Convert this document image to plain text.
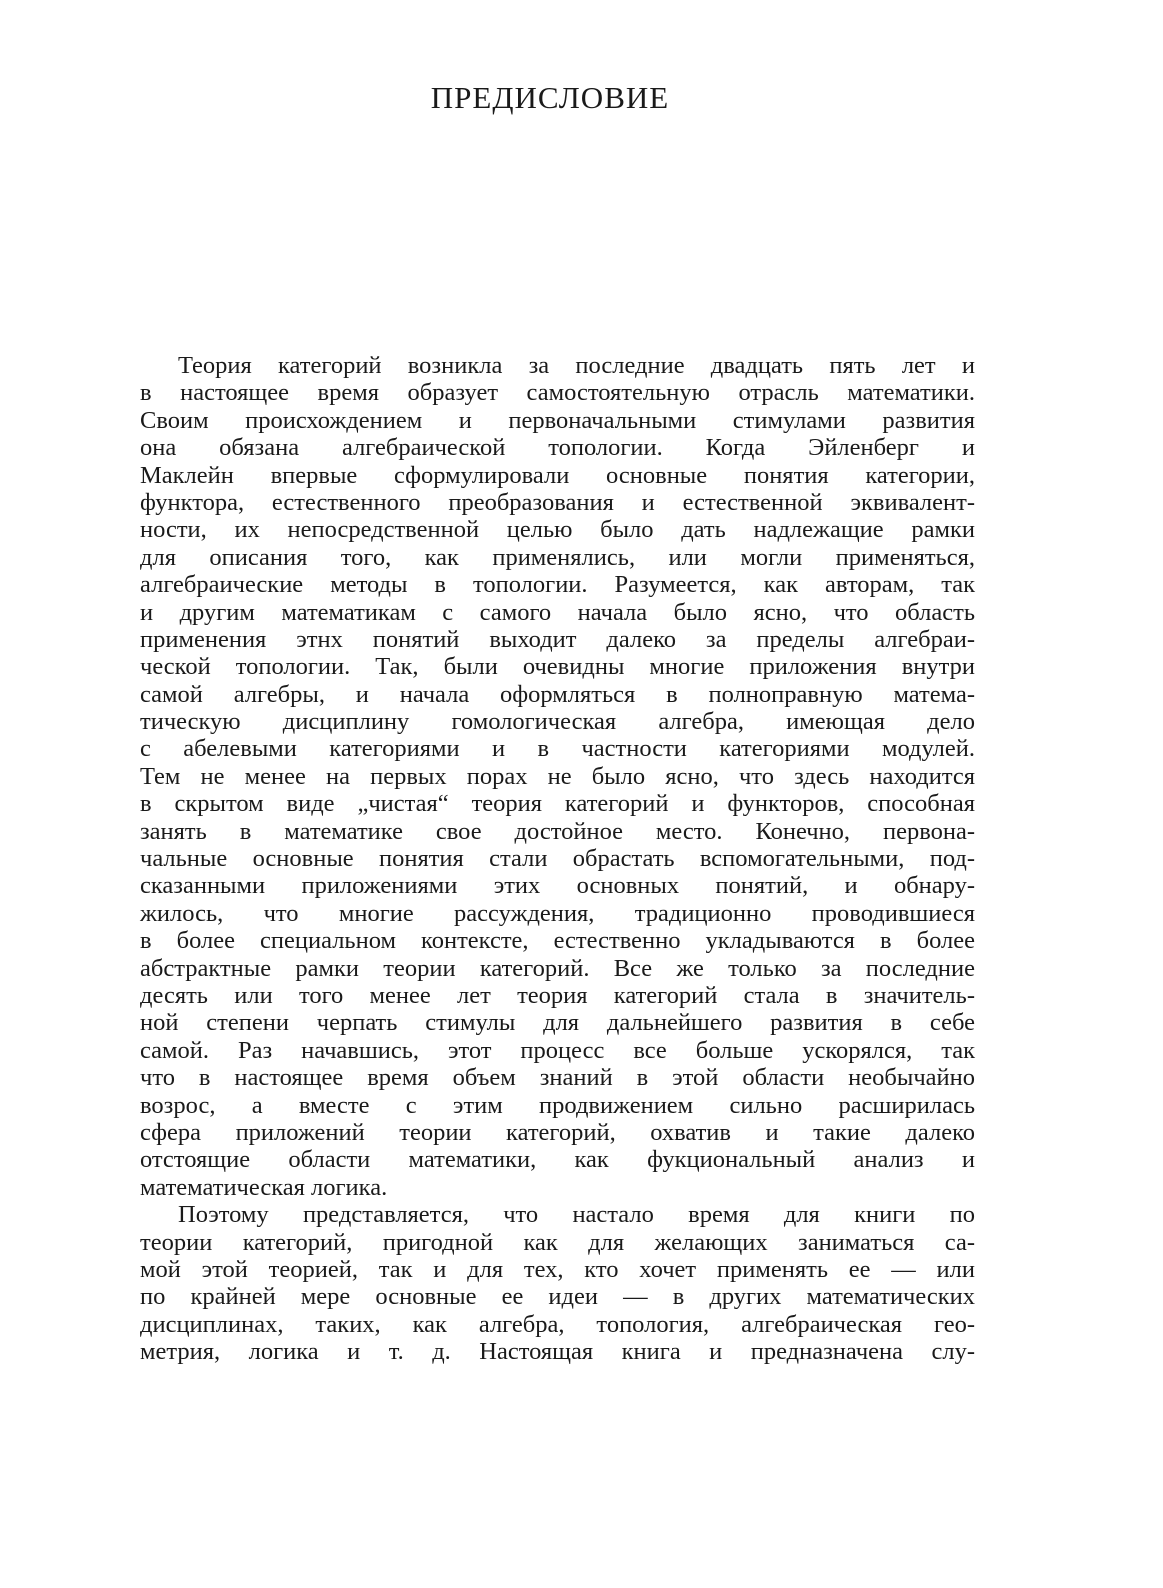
ПРЕДИСЛОВИЕ
Теория категорий возникла за последние двадцать пять лет и
в настоящее время образует самостоятельную отрасль математики.
Своим происхождением и первоначальными стимулами развития
она обязана алгебраической топологии. Когда Эйленберг и
Маклейн впервые сформулировали основные понятия категории,
функтора, естественного преобразования и естественной эквивалент-
ности, их непосредственной целью было дать надлежащие рамки
для описания того, как применялись, или могли применяться,
алгебраические методы в топологии. Разумеется, как авторам, так
и другим математикам с самого начала было ясно, что область
применения этнх понятий выходит далеко за пределы алгебраи-
ческой топологии. Так, были очевидны многие приложения внутри
самой алгебры, и начала оформляться в полноправную матема-
тическую дисциплину гомологическая алгебра, имеющая дело
с абелевыми категориями и в частности категориями модулей.
Тем не менее на первых порах не было ясно, что здесь находится
в скрытом виде „чистая“ теория категорий и функторов, способная
занять в математике свое достойное место. Конечно, первона-
чальные основные понятия стали обрастать вспомогательными, под-
сказанными приложениями этих основных понятий, и обнару-
жилось, что многие рассуждения, традиционно проводившиеся
в более специальном контексте, естественно укладываются в более
абстрактные рамки теории категорий. Все же только за последние
десять или того менее лет теория категорий стала в значитель-
ной степени черпать стимулы для дальнейшего развития в себе
самой. Раз начавшись, этот процесс все больше ускорялся, так
что в настоящее время объем знаний в этой области необычайно
возрос, а вместе с этим продвижением сильно расширилась
сфера приложений теории категорий, охватив и такие далеко
отстоящие области математики, как фукциональный анализ и
математическая логика.
Поэтому представляется, что настало время для книги по
теории категорий, пригодной как для желающих заниматься са-
мой этой теорией, так и для тех, кто хочет применять ее — или
по крайней мере основные ее идеи — в других математических
дисциплинах, таких, как алгебра, топология, алгебраическая гео-
метрия, логика и т. д. Настоящая книга и предназначена слу-
